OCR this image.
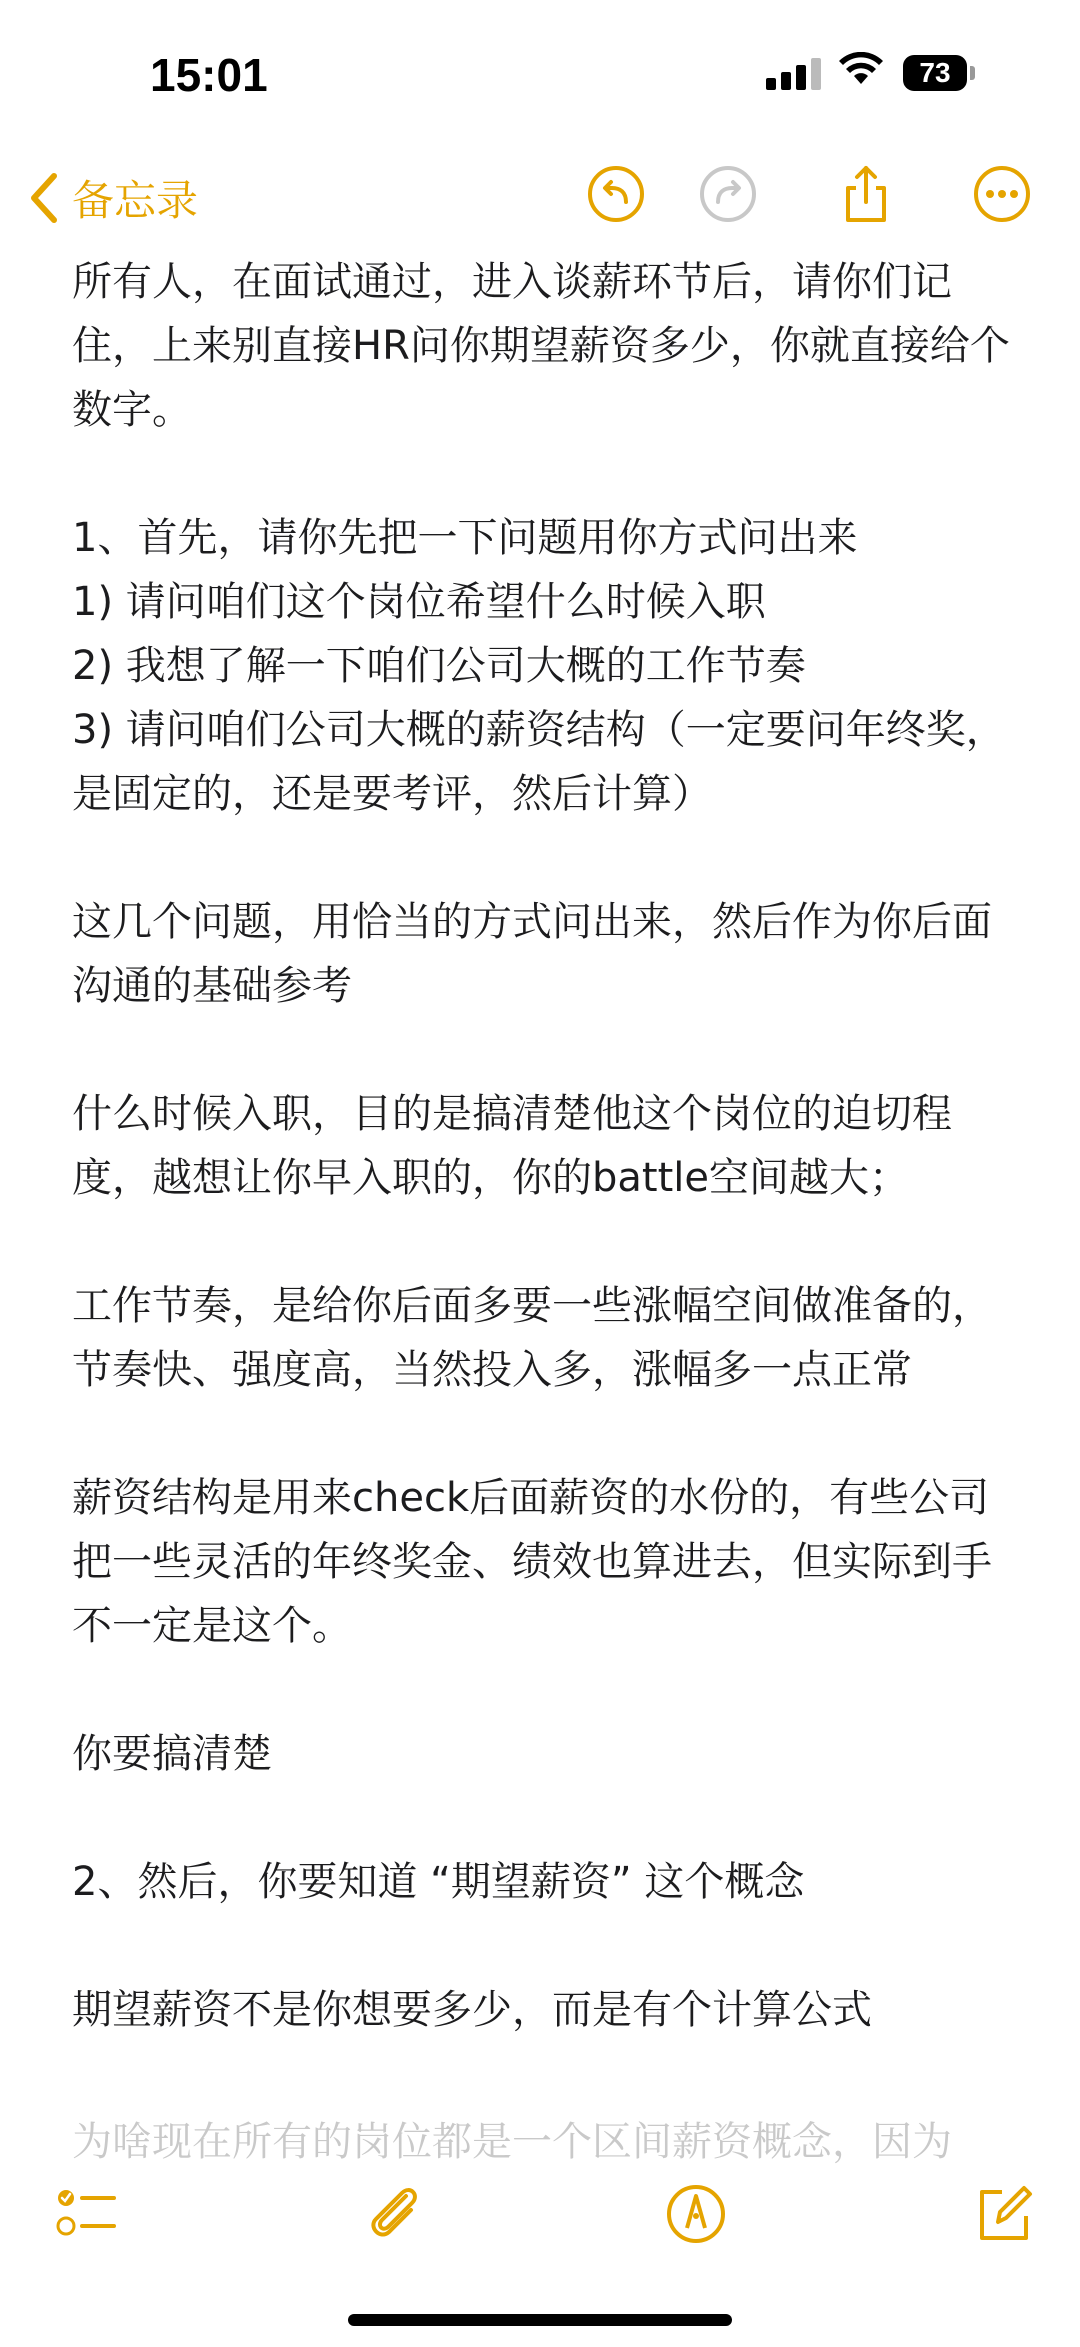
15:01	73
备忘录
所有人，在面试通过，进入谈薪环节后，请你们记住，上来别直接HR问你期望薪资多少，你就直接给个数字。
1、首先，请你先把一下问题用你方式问出来
1) 请问咱们这个岗位希望什么时候入职
2) 我想了解一下咱们公司大概的工作节奏
3) 请问咱们公司大概的薪资结构（一定要问年终奖，是固定的，还是要考评，然后计算）
这几个问题，用恰当的方式问出来，然后作为你后面沟通的基础参考
什么时候入职，目的是搞清楚他这个岗位的迫切程度，越想让你早入职的，你的battle空间越大；
工作节奏，是给你后面多要一些涨幅空间做准备的，节奏快、强度高，当然投入多，涨幅多一点正常
薪资结构是用来check后面薪资的水份的，有些公司把一些灵活的年终奖金、绩效也算进去，但实际到手不一定是这个。
你要搞清楚
2、然后，你要知道 “期望薪资” 这个概念
期望薪资不是你想要多少，而是有个计算公式
为啥现在所有的岗位都是一个区间薪资概念，因为
